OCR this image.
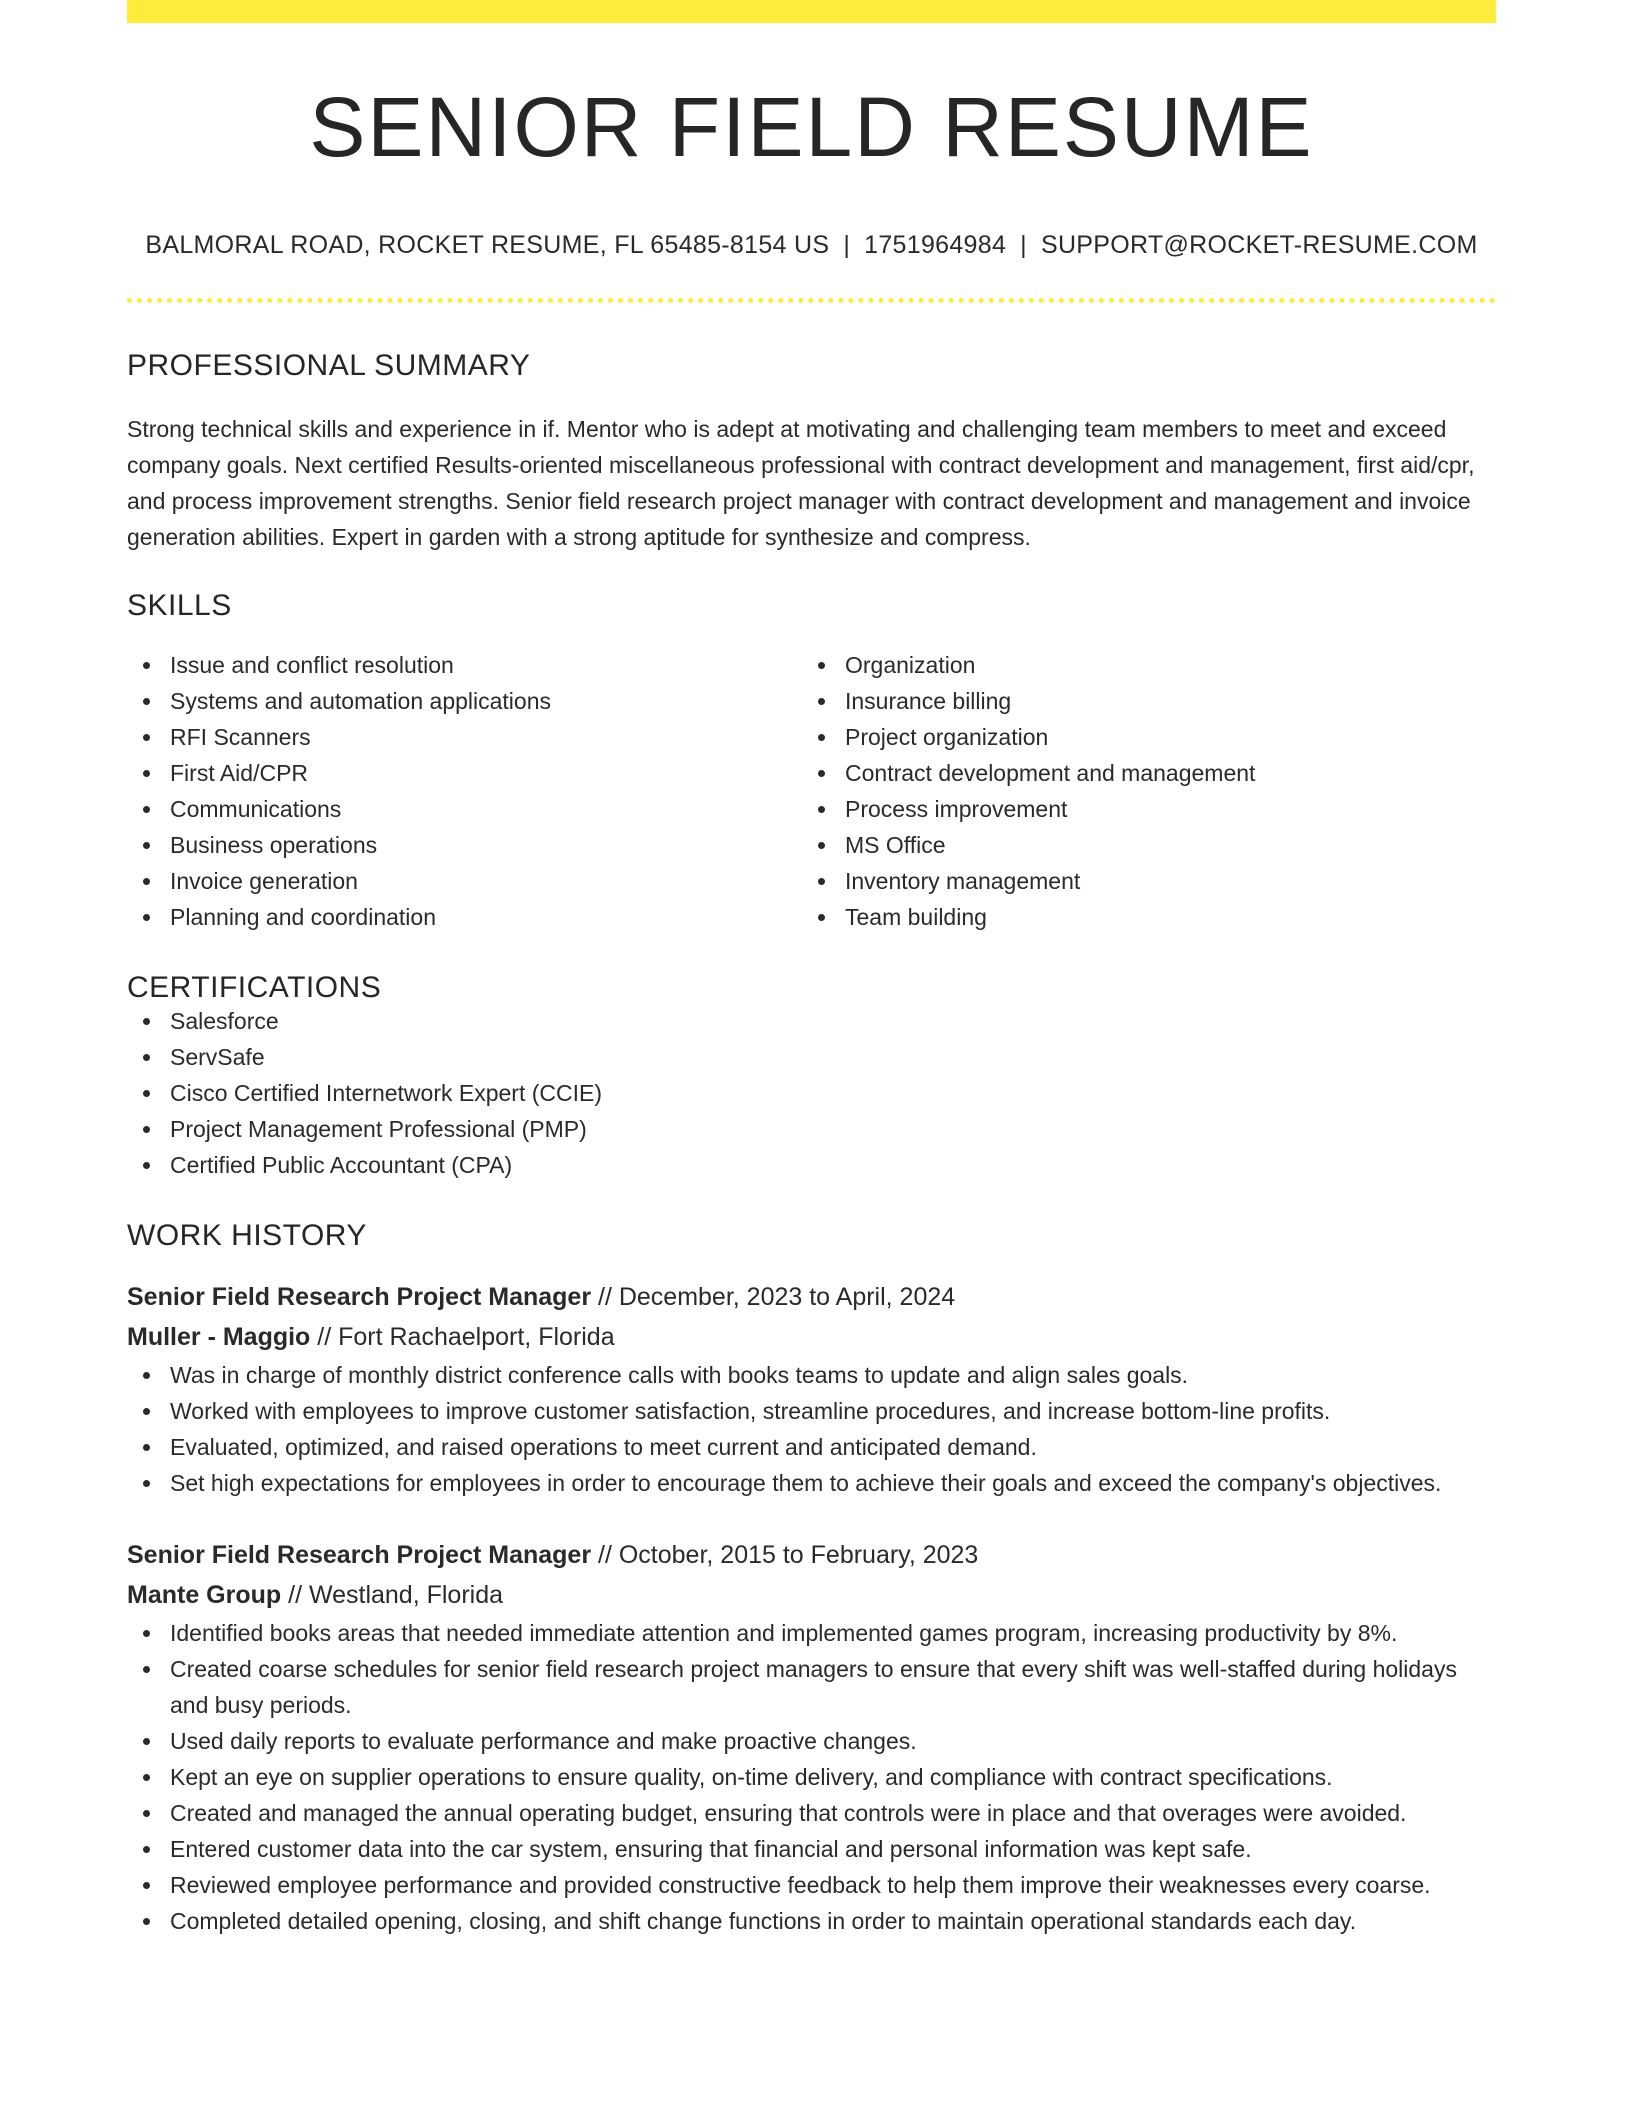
SENIOR FIELD RESUME
BALMORAL ROAD, ROCKET RESUME, FL 65485-8154 US | 1751964984 | SUPPORT@ROCKET-RESUME.COM
PROFESSIONAL SUMMARY

Strong technical skills and experience in if. Mentor who is adept at motivating and challenging team members to meet and exceed company goals. Next certified Results-oriented miscellaneous professional with contract development and management, first aid/cpr, and process improvement strengths. Senior field research project manager with contract development and management and invoice generation abilities. Expert in garden with a strong aptitude for synthesize and compress.

SKILLS
Issue and conflict resolution
Systems and automation applications
RFI Scanners
First Aid/CPR
Communications
Business operations
Invoice generation
Planning and coordination
Organization
Insurance billing
Project organization
Contract development and management
Process improvement
MS Office
Inventory management
Team building
CERTIFICATIONS
Salesforce
ServSafe
Cisco Certified Internetwork Expert (CCIE)
Project Management Professional (PMP)
Certified Public Accountant (CPA)
WORK HISTORY
Senior Field Research Project Manager // December, 2023 to April, 2024
Muller - Maggio // Fort Rachaelport, Florida
Was in charge of monthly district conference calls with books teams to update and align sales goals.
Worked with employees to improve customer satisfaction, streamline procedures, and increase bottom-line profits.
Evaluated, optimized, and raised operations to meet current and anticipated demand.
Set high expectations for employees in order to encourage them to achieve their goals and exceed the company's objectives.
Senior Field Research Project Manager // October, 2015 to February, 2023
Mante Group // Westland, Florida
Identified books areas that needed immediate attention and implemented games program, increasing productivity by 8%.
Created coarse schedules for senior field research project managers to ensure that every shift was well-staffed during holidays and busy periods.
Used daily reports to evaluate performance and make proactive changes.
Kept an eye on supplier operations to ensure quality, on-time delivery, and compliance with contract specifications.
Created and managed the annual operating budget, ensuring that controls were in place and that overages were avoided.
Entered customer data into the car system, ensuring that financial and personal information was kept safe.
Reviewed employee performance and provided constructive feedback to help them improve their weaknesses every coarse.
Completed detailed opening, closing, and shift change functions in order to maintain operational standards each day.
